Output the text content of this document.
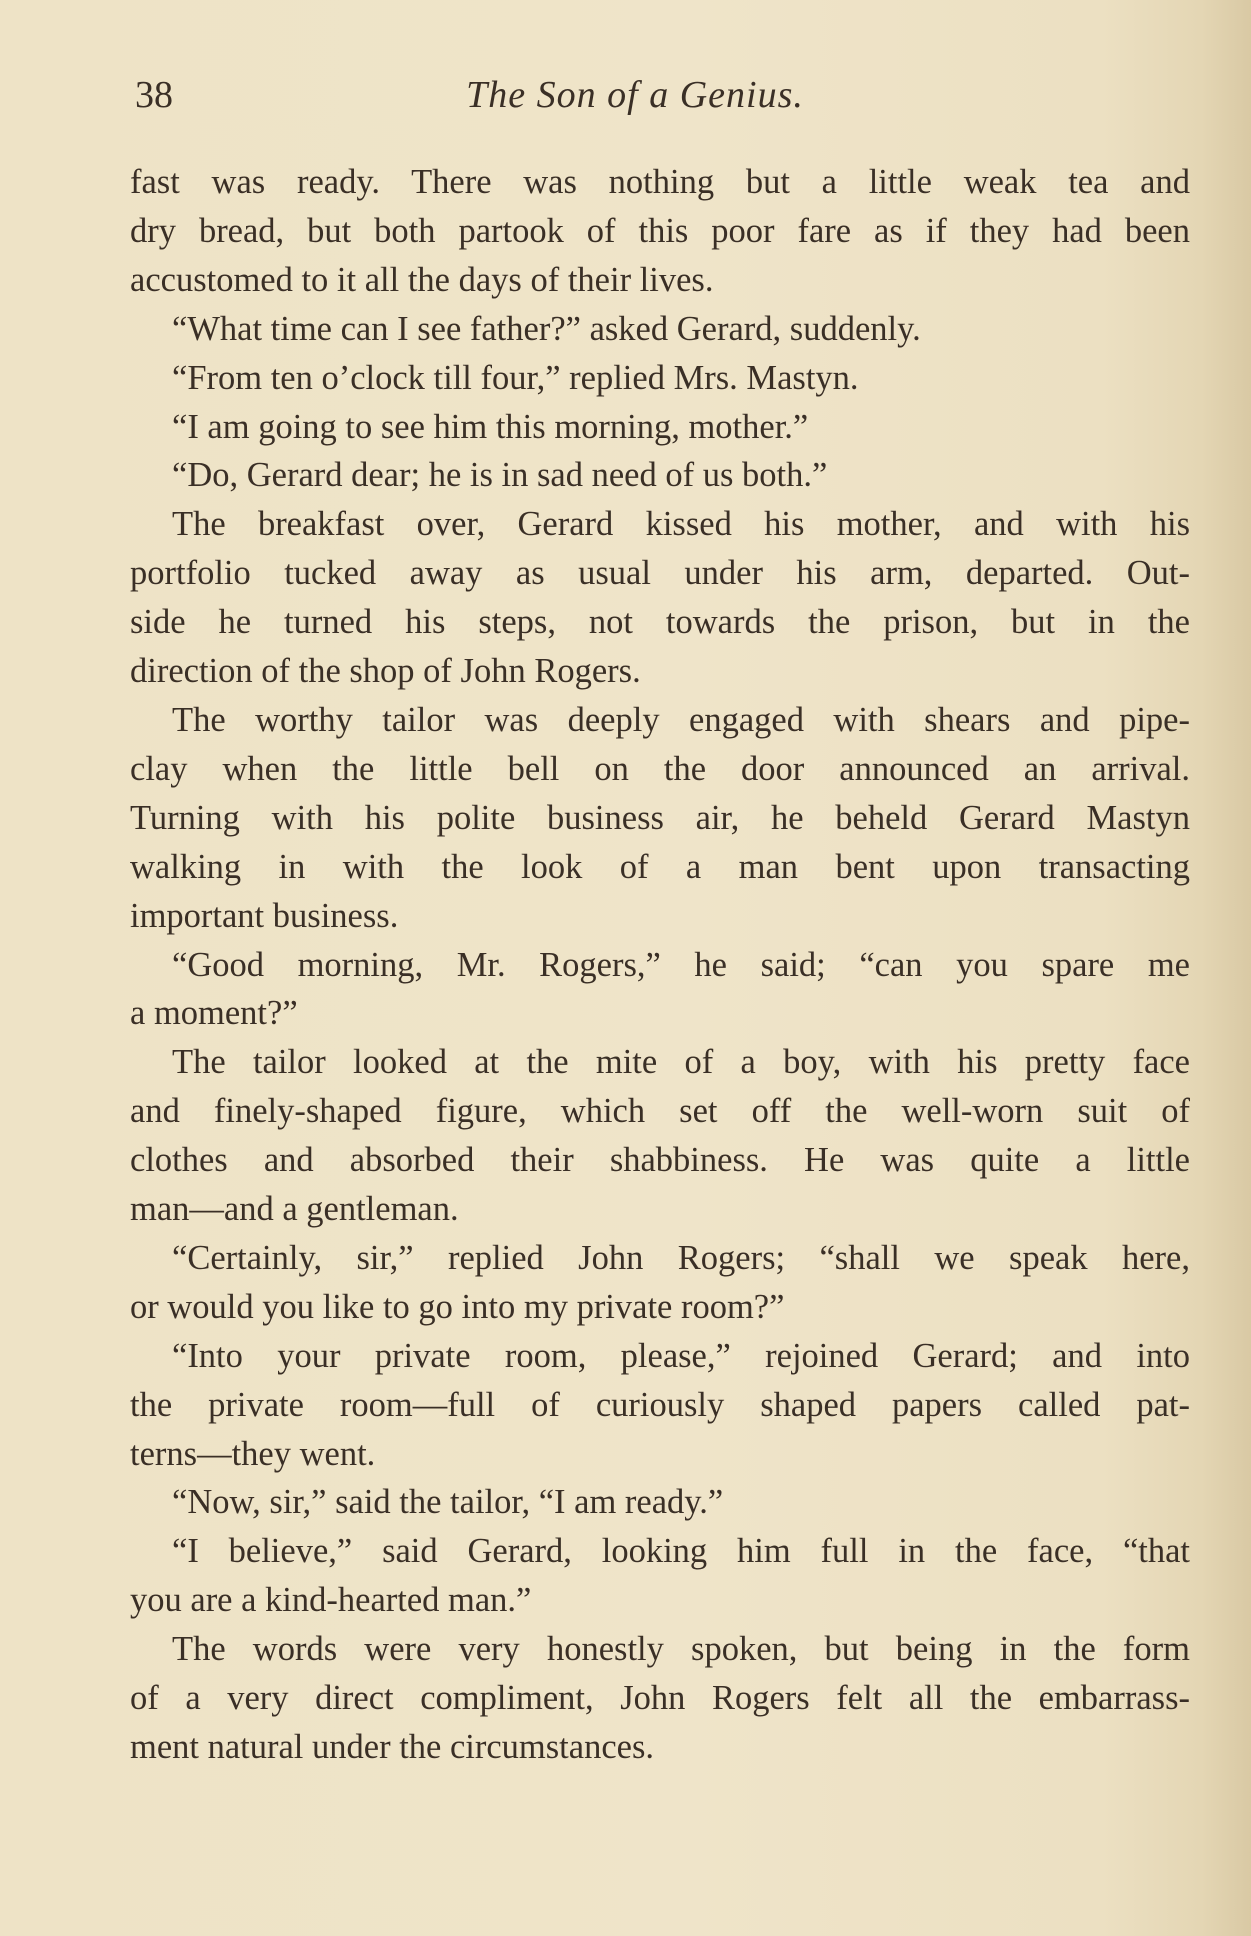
The Son of a Genius.
38

fast was ready. There was nothing but a little weak tea and

dry bread, but both partook of this poor fare as if they had been

accustomed to it all the days of their lives.

“What time can I see father?” asked Gerard, suddenly.

“From ten o’clock till four,” replied Mrs. Mastyn.

“I am going to see him this morning, mother.”

“Do, Gerard dear; he is in sad need of us both.”

The breakfast over, Gerard kissed his mother, and with his

portfolio tucked away as usual under his arm, departed. Out-

side he turned his steps, not towards the prison, but in the

direction of the shop of John Rogers.

The worthy tailor was deeply engaged with shears and pipe-

clay when the little bell on the door announced an arrival.

Turning with his polite business air, he beheld Gerard Mastyn

walking in with the look of a man bent upon transacting

important business.

“Good morning, Mr. Rogers,” he said; “can you spare me

a moment?”

The tailor looked at the mite of a boy, with his pretty face

and finely-shaped figure, which set off the well-worn suit of

clothes and absorbed their shabbiness. He was quite a little

man—and a gentleman.

“Certainly, sir,” replied John Rogers; “shall we speak here,

or would you like to go into my private room?”

“Into your private room, please,” rejoined Gerard; and into

the private room—full of curiously shaped papers called pat-

terns—they went.

“Now, sir,” said the tailor, “I am ready.”

“I believe,” said Gerard, looking him full in the face, “that

you are a kind-hearted man.”

The words were very honestly spoken, but being in the form

of a very direct compliment, John Rogers felt all the embarrass-

ment natural under the circumstances.
